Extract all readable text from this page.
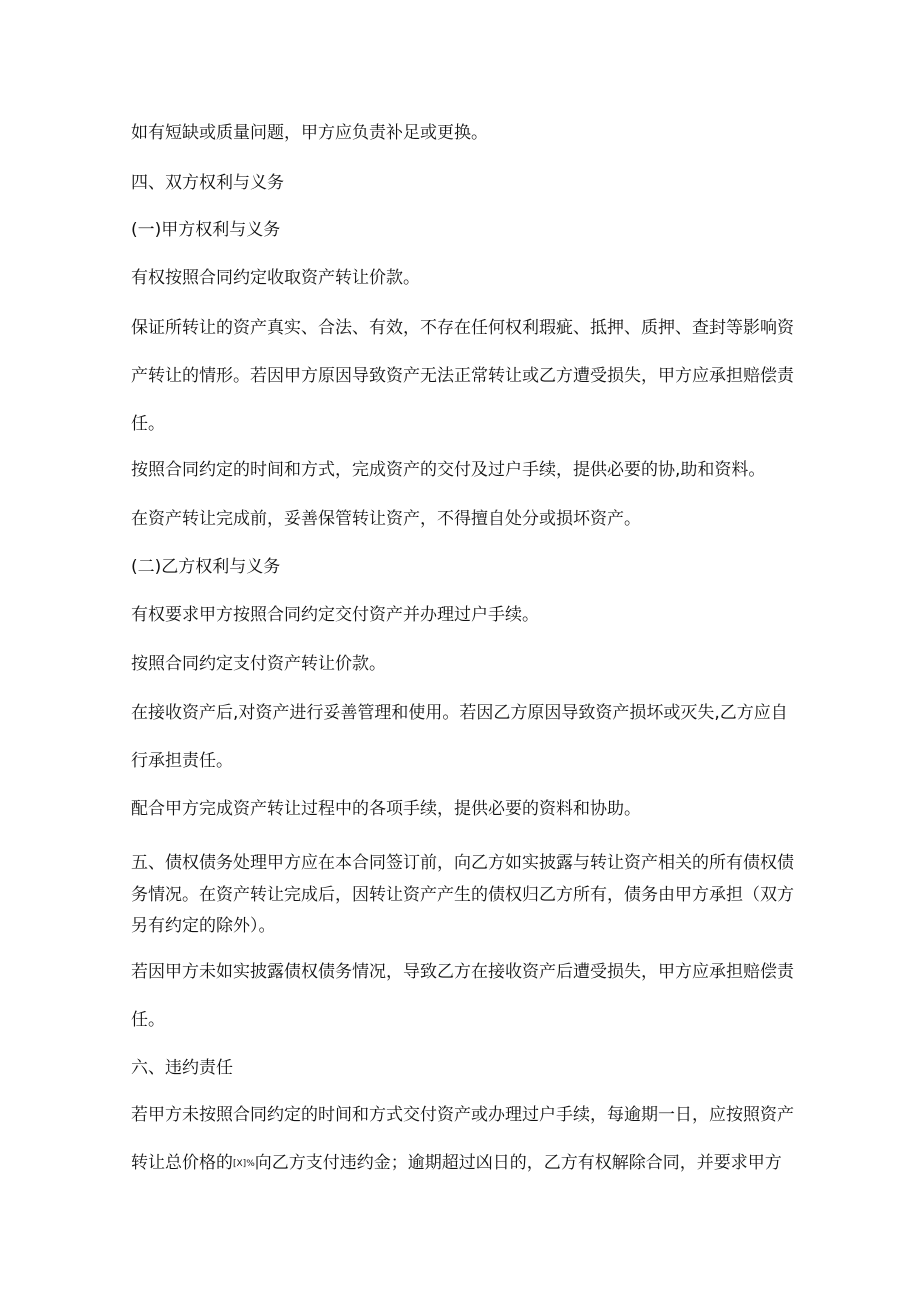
如有短缺或质量问题，甲方应负责补足或更换。
四、双方权利与义务
(一)甲方权利与义务
有权按照合同约定收取资产转让价款。
保证所转让的资产真实、合法、有效，不存在任何权利瑕疵、抵押、质押、查封等影响资
产转让的情形。若因甲方原因导致资产无法正常转让或乙方遭受损失，甲方应承担赔偿责
任。
按照合同约定的时间和方式，完成资产的交付及过户手续，提供必要的协,助和资料。
在资产转让完成前，妥善保管转让资产，不得擅自处分或损坏资产。
(二)乙方权利与义务
有权要求甲方按照合同约定交付资产并办理过户手续。
按照合同约定支付资产转让价款。
在接收资产后,对资产进行妥善管理和使用。若因乙方原因导致资产损坏或灭失,乙方应自
行承担责任。
配合甲方完成资产转让过程中的各项手续，提供必要的资料和协助。
五、债权债务处理甲方应在本合同签订前，向乙方如实披露与转让资产相关的所有债权债
务情况。在资产转让完成后，因转让资产产生的债权归乙方所有，债务由甲方承担（双方
另有约定的除外）。
若因甲方未如实披露债权债务情况，导致乙方在接收资产后遭受损失，甲方应承担赔偿责
任。
六、违约责任
若甲方未按照合同约定的时间和方式交付资产或办理过户手续，每逾期一日，应按照资产
转让总价格的[X]%向乙方支付违约金；逾期超过凶日的，乙方有权解除合同，并要求甲方
